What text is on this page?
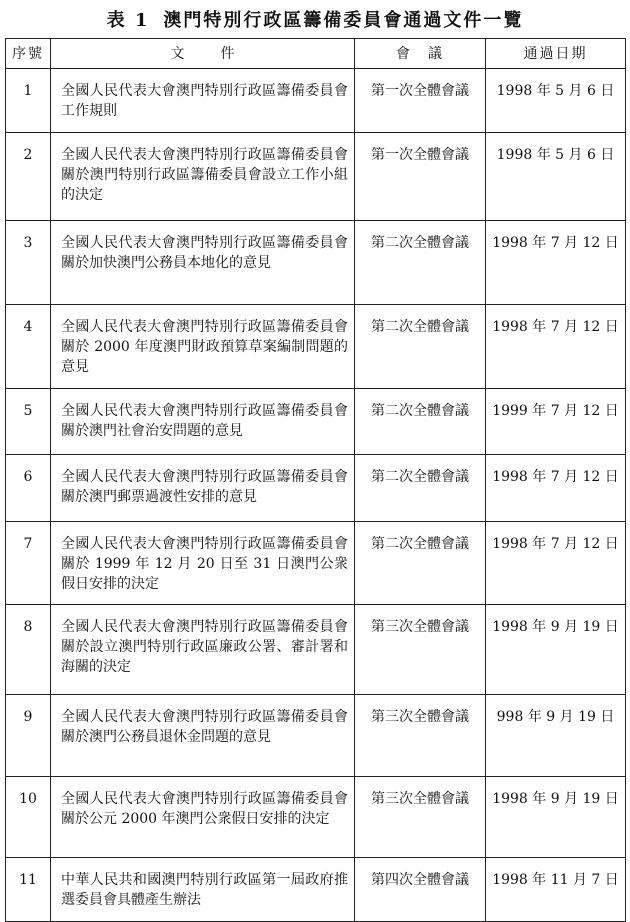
表 1 澳門特別行政區籌備委員會通過文件一覽
序號	文 件	會　議	通過日期
1	全國人民代表大會澳門特別行政區籌備委員會工作規則	第一次全體會議	1998 年 5 月 6 日
2	全國人民代表大會澳門特別行政區籌備委員會關於澳門特別行政區籌備委員會設立工作小組的決定	第一次全體會議	1998 年 5 月 6 日
3	全國人民代表大會澳門特別行政區籌備委員會關於加快澳門公務員本地化的意見	第二次全體會議	1998 年 7 月 12 日
4	全國人民代表大會澳門特別行政區籌備委員會關於 2000 年度澳門財政預算草案編制問題的意見	第二次全體會議	1998 年 7 月 12 日
5	全國人民代表大會澳門特別行政區籌備委員會關於澳門社會治安問題的意見	第二次全體會議	1999 年 7 月 12 日
6	全國人民代表大會澳門特別行政區籌備委員會關於澳門郵票過渡性安排的意見	第二次全體會議	1998 年 7 月 12 日
7	全國人民代表大會澳門特別行政區籌備委員會關於 1999 年 12 月 20 日至 31 日澳門公衆假日安排的決定	第二次全體會議	1998 年 7 月 12 日
8	全國人民代表大會澳門特別行政區籌備委員會關於設立澳門特別行政區廉政公署、審計署和海關的決定	第三次全體會議	1998 年 9 月 19 日
9	全國人民代表大會澳門特別行政區籌備委員會關於澳門公務員退休金問題的意見	第三次全體會議	998 年 9 月 19 日
10	全國人民代表大會澳門特別行政區籌備委員會關於公元 2000 年澳門公衆假日安排的決定	第三次全體會議	1998 年 9 月 19 日
11	中華人民共和國澳門特別行政區第一屆政府推選委員會具體產生辦法	第四次全體會議	1998 年 11 月 7 日
